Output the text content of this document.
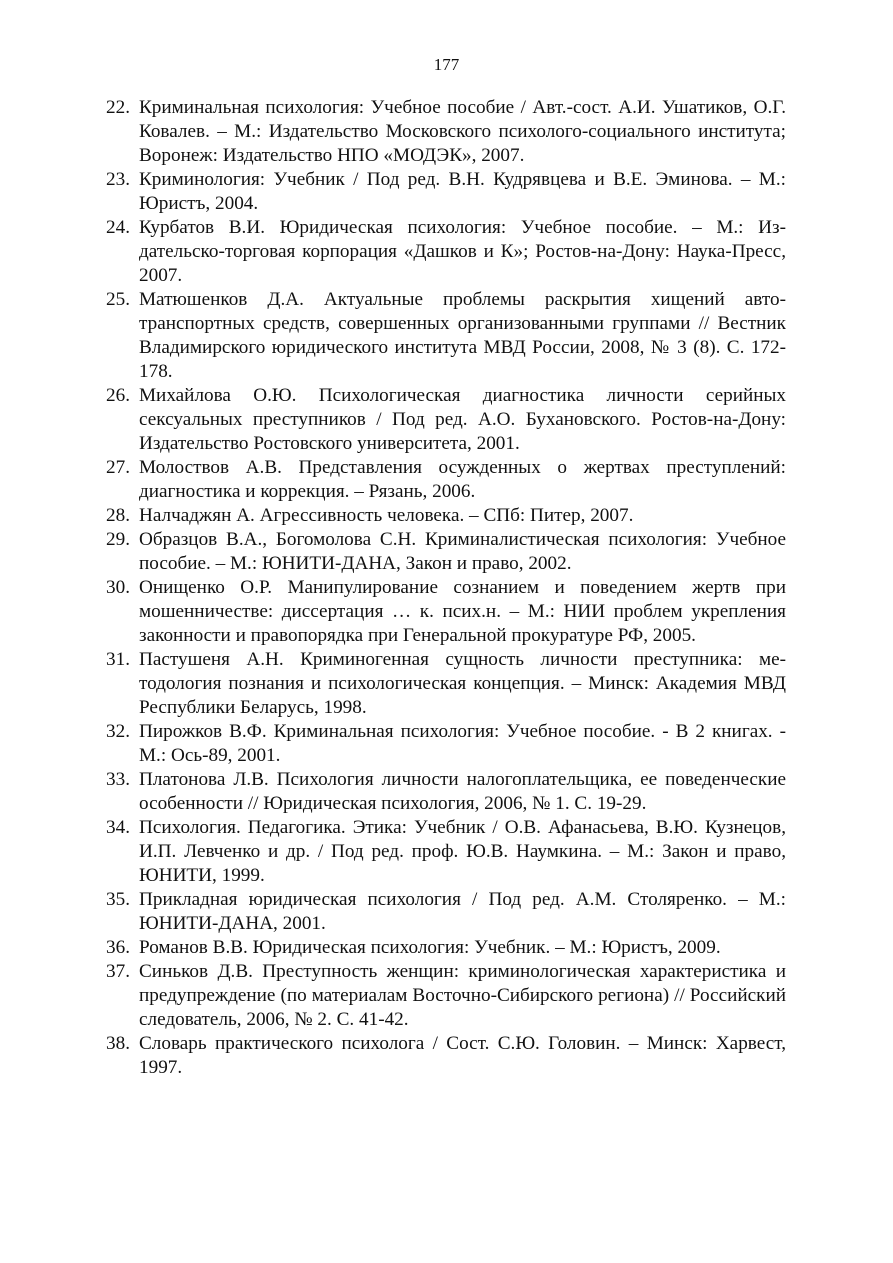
177
22. Криминальная психология: Учебное пособие / Авт.-сост. А.И. Ушатиков, О.Г. Ковалев. – М.: Издательство Московского психолого-социального института; Воронеж: Издательство НПО «МОДЭК», 2007.
23. Криминология: Учебник / Под ред. В.Н. Кудрявцева и В.Е. Эминова. – М.: Юристъ, 2004.
24. Курбатов В.И. Юридическая психология: Учебное пособие. – М.: Издательско-торговая корпорация «Дашков и К»; Ростов-на-Дону: Наука-Пресс, 2007.
25. Матюшенков Д.А. Актуальные проблемы раскрытия хищений автотранспортных средств, совершенных организованными группами // Вестник Владимирского юридического института МВД России, 2008, № 3 (8). С. 172-178.
26. Михайлова О.Ю. Психологическая диагностика личности серийных сексуальных преступников / Под ред. А.О. Бухановского. Ростов-на-Дону: Издательство Ростовского университета, 2001.
27. Молоствов А.В. Представления осужденных о жертвах преступлений: диагностика и коррекция. – Рязань, 2006.
28. Налчаджян А. Агрессивность человека. – СПб: Питер, 2007.
29. Образцов В.А., Богомолова С.Н. Криминалистическая психология: Учебное пособие. – М.: ЮНИТИ-ДАНА, Закон и право, 2002.
30. Онищенко О.Р. Манипулирование сознанием и поведением жертв при мошенничестве: диссертация … к. псих.н. – М.: НИИ проблем укрепления законности и правопорядка при Генеральной прокуратуре РФ, 2005.
31. Пастушеня А.Н. Криминогенная сущность личности преступника: методология познания и психологическая концепция. – Минск: Академия МВД Республики Беларусь, 1998.
32. Пирожков В.Ф. Криминальная психология: Учебное пособие. - В 2 книгах. - М.: Ось-89, 2001.
33. Платонова Л.В. Психология личности налогоплательщика, ее поведенческие особенности // Юридическая психология, 2006, № 1. С. 19-29.
34. Психология. Педагогика. Этика: Учебник / О.В. Афанасьева, В.Ю. Кузнецов, И.П. Левченко и др. / Под ред. проф. Ю.В. Наумкина. – М.: Закон и право, ЮНИТИ, 1999.
35. Прикладная юридическая психология / Под ред. А.М. Столяренко. – М.: ЮНИТИ-ДАНА, 2001.
36. Романов В.В. Юридическая психология: Учебник. – М.: Юристъ, 2009.
37. Синьков Д.В. Преступность женщин: криминологическая характеристика и предупреждение (по материалам Восточно-Сибирского региона) // Российский следователь, 2006, № 2. С. 41-42.
38. Словарь практического психолога / Сост. С.Ю. Головин. – Минск: Харвест, 1997.
